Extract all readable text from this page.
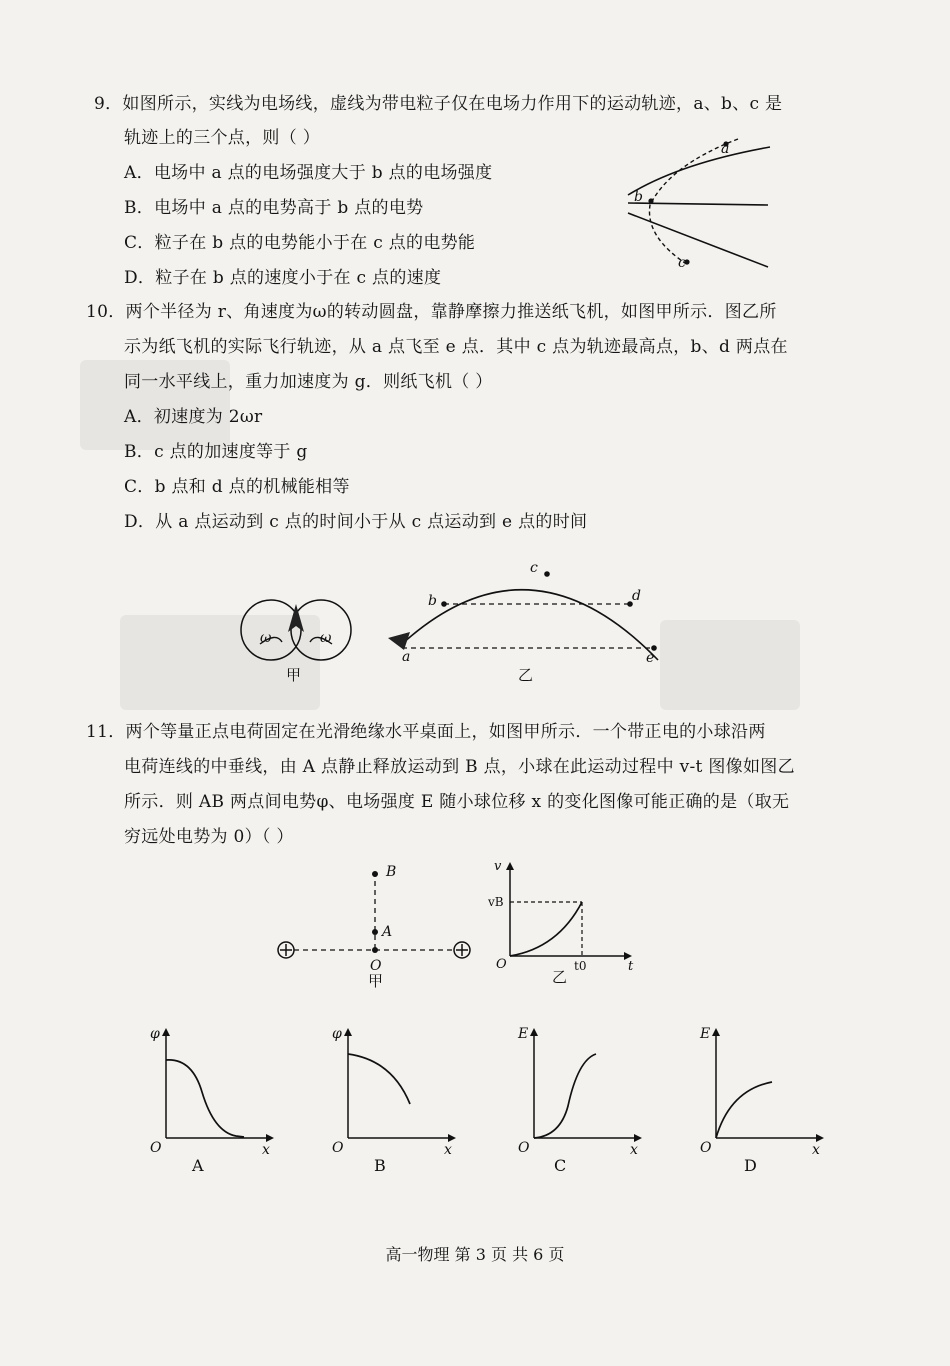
9．如图所示，实线为电场线，虚线为带电粒子仅在电场力作用下的运动轨迹，a、b、c 是
轨迹上的三个点，则（ ）
A．电场中 a 点的电场强度大于 b 点的电场强度
B．电场中 a 点的电势高于 b 点的电势
C．粒子在 b 点的电势能小于在 c 点的电势能
D．粒子在 b 点的速度小于在 c 点的速度
a
b
c
10．两个半径为 r、角速度为ω的转动圆盘，靠静摩擦力推送纸飞机，如图甲所示．图乙所
示为纸飞机的实际飞行轨迹，从 a 点飞至 e 点．其中 c 点为轨迹最高点，b、d 两点在
同一水平线上，重力加速度为 g．则纸飞机（ ）
A．初速度为 2ωr
B．c 点的加速度等于 g
C．b 点和 d 点的机械能相等
D．从 a 点运动到 c 点的时间小于从 c 点运动到 e 点的时间
ω	ω
甲
a
b
c
d
e
乙
11．两个等量正点电荷固定在光滑绝缘水平桌面上，如图甲所示．一个带正电的小球沿两
电荷连线的中垂线，由 A 点静止释放运动到 B 点，小球在此运动过程中 v-t 图像如图乙
所示．则 AB 两点间电势φ、电场强度 E 随小球位移 x 的变化图像可能正确的是（取无
穷远处电势为 0）（ ）
B
A
O
甲
v
vB
O	t0	t
乙
φ
O	x
A
φ
O	x
B
E
O	x
C
E
O	x
D
高一物理 第 3 页 共 6 页
